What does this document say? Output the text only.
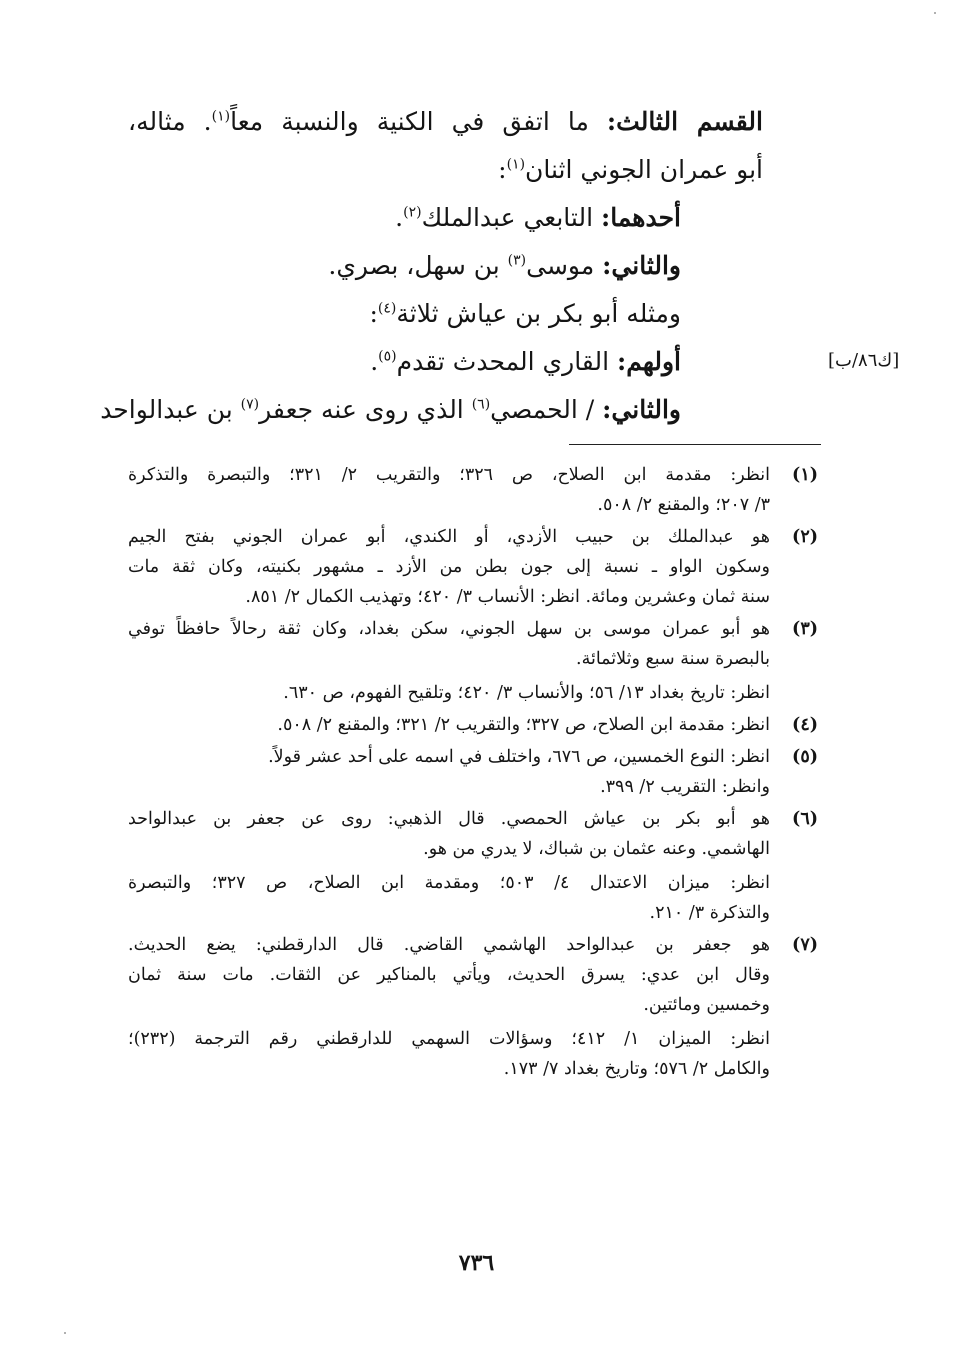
القسم الثالث: ما اتفق في الكنية والنسبة معاً$^{(١)}$. مثاله،
أبو عمران الجوني اثنان$^{(١)}$:
أحدهما: التابعي عبدالملك$^{(٢)}$.
والثاني: موسى$^{(٣)}$ بن سهل، بصري.
ومثله أبو بكر بن عياش ثلاثة$^{(٤)}$:
أولهم: القاري المحدث تقدم$^{(٥)}$.
والثاني: / الحمصي$^{(٦)}$ الذي روى عنه جعفر$^{(٧)}$ بن عبدالواحد
[ك٨٦/ب]
(١)
انظر: مقدمة ابن الصلاح، ص ٣٢٦؛ والتقريب ٢/ ٣٢١؛ والتبصرة والتذكرة
٣/ ٢٠٧؛ والمقنع ٢/ ٥٠٨.
(٢)
هو عبدالملك بن حبيب الأزدي، أو الكندي، أبو عمران الجوني بفتح الجيم
وسكون الواو ـ نسبة إلى جون بطن من الأزد ـ مشهور بكنيته، وكان ثقة مات
سنة ثمان وعشرين ومائة. انظر: الأنساب ٣/ ٤٢٠؛ وتهذيب الكمال ٢/ ٨٥١.
(٣)
هو أبو عمران موسى بن سهل الجوني، سكن بغداد، وكان ثقة رحالاً حافظاً توفي
بالبصرة سنة سبع وثلاثمائة.
انظر: تاريخ بغداد ١٣/ ٥٦؛ والأنساب ٣/ ٤٢٠؛ وتلقيح الفهوم، ص ٦٣٠.
(٤)
انظر: مقدمة ابن الصلاح، ص ٣٢٧؛ والتقريب ٢/ ٣٢١؛ والمقنع ٢/ ٥٠٨.
(٥)
انظر: النوع الخمسين، ص ٦٧٦، واختلف في اسمه على أحد عشر قولاً.
وانظر: التقريب ٢/ ٣٩٩.
(٦)
هو أبو بكر بن عياش الحمصي. قال الذهبي: روى عن جعفر بن عبدالواحد
الهاشمي. وعنه عثمان بن شباك، لا يدري من هو.
انظر: ميزان الاعتدال ٤/ ٥٠٣؛ ومقدمة ابن الصلاح، ص ٣٢٧؛ والتبصرة
والتذكرة ٣/ ٢١٠.
(٧)
هو جعفر بن عبدالواحد الهاشمي القاضي. قال الدارقطني: يضع الحديث.
وقال ابن عدي: يسرق الحديث، ويأتي بالمناكير عن الثقات. مات سنة ثمان
وخمسين ومائتين.
انظر: الميزان ١/ ٤١٢؛ وسؤالات السهمي للدارقطني رقم الترجمة (٢٣٢)؛
والكامل ٢/ ٥٧٦؛ وتاريخ بغداد ٧/ ١٧٣.
٧٣٦
